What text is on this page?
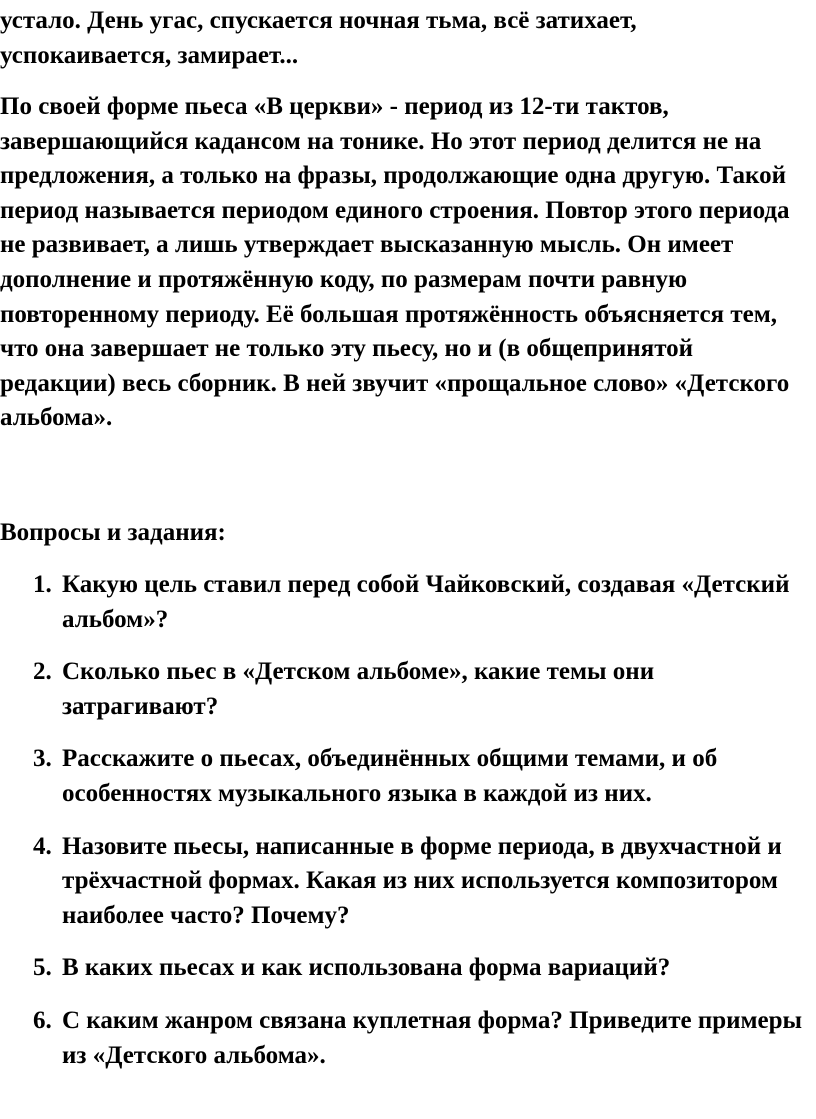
устало. День угас, спускается ночная тьма, всё затихает, успокаивается, замирает...

По своей форме пьеса «В церкви» - период из 12-ти тактов, завершающийся кадансом на тонике. Но этот период делится не на предложения, а только на фразы, продолжающие одна другую. Такой период называется периодом единого строения. Повтор этого периода не развивает, а лишь утверждает высказанную мысль. Он имеет дополнение и протяжённую коду, по размерам почти равную повторенному периоду. Её большая протяжённость объясняется тем, что она завершает не только эту пьесу, но и (в общепринятой редакции) весь сборник. В ней звучит «прощальное слово» «Детского альбома».

Вопросы и задания:

1. Какую цель ставил перед собой Чайковский, создавая «Детский альбом»?
2. Сколько пьес в «Детском альбоме», какие темы они затрагивают?
3. Расскажите о пьесах, объединённых общими темами, и об особенностях музыкального языка в каждой из них.
4. Назовите пьесы, написанные в форме периода, в двухчастной и трёхчастной формах. Какая из них используется композитором наиболее часто? Почему?
5. В каких пьесах и как использована форма вариаций?
6. С каким жанром связана куплетная форма? Приведите примеры из «Детского альбома».
